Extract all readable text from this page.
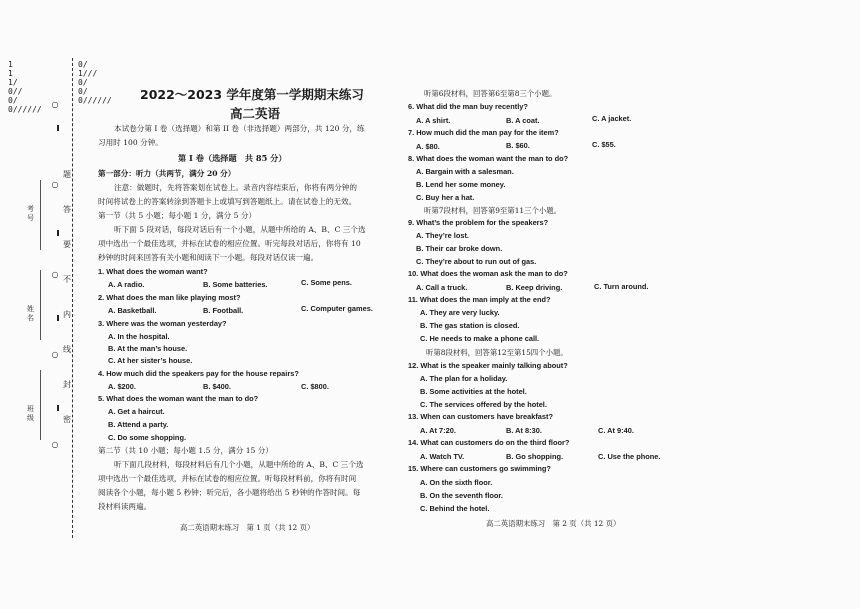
111/0//0/0//////
考号
姓名
班级
○
○
○
○
○
题
答
要
不
内
线
封
密
0/1///0/0/0////// 2022～2023 学年度第一学期期末练习
高二英语
本试卷分第 I 卷（选择题）和第 II 卷（非选择题）两部分，共 120 分，练
习用时 100 分钟。
第 I 卷（选择题　共 85 分）
第一部分：听力（共两节，满分 20 分）
注意：做题时，先将答案划在试卷上。录音内容结束后，你将有两分钟的
时间将试卷上的答案转涂到答题卡上或填写到答题纸上。请在试卷上的无效。
第一节（共 5 小题；每小题 1 分，满分 5 分）
听下面 5 段对话，每段对话后有一个小题，从题中所给的 A、B、C 三个选
项中选出一个最佳选项，并标在试卷的相应位置。听完每段对话后，你将有 10
秒钟的时间来回答有关小题和阅读下一小题。每段对话仅读一遍。
1. What does the woman want?
A. A radio.	B. Some batteries.	C. Some pens.
2. What does the man like playing most?
A. Basketball.	B. Football.	C. Computer games.
3. Where was the woman yesterday?
A. In the hospital.
B. At the man’s house.
C. At her sister’s house.
4. How much did the speakers pay for the house repairs?
A. $200.	B. $400.	C. $800.
5. What does the woman want the man to do?
A. Get a haircut.
B. Attend a party.
C. Do some shopping.
第二节（共 10 小题；每小题 1.5 分，满分 15 分）
听下面几段材料，每段材料后有几个小题，从题中所给的 A、B、C 三个选
项中选出一个最佳选项，并标在试卷的相应位置。听每段材料前，你将有时间
阅读各个小题，每小题 5 秒钟；听完后，各小题将给出 5 秒钟的作答时间。每
段材料读两遍。
高二英语期末练习　第 1 页（共 12 页）
听第6段材料，回答第6至第8三个小题。
6. What did the man buy recently?
A. A shirt.	B. A coat.	C. A jacket.
7. How much did the man pay for the item?
A. $80.	B. $60.	C. $55.
8. What does the woman want the man to do?
A. Bargain with a salesman.
B. Lend her some money.
C. Buy her a hat.
听第7段材料，回答第9至第11三个小题。
9. What’s the problem for the speakers?
A. They’re lost.
B. Their car broke down.
C. They’re about to run out of gas.
10. What does the woman ask the man to do?
A. Call a truck.	B. Keep driving.	C. Turn around.
11. What does the man imply at the end?
A. They are very lucky.
B. The gas station is closed.
C. He needs to make a phone call.
听第8段材料，回答第12至第15四个小题。
12. What is the speaker mainly talking about?
A. The plan for a holiday.
B. Some activities at the hotel.
C. The services offered by the hotel.
13. When can customers have breakfast?
A. At 7:20.	B. At 8:30.	C. At 9:40.
14. What can customers do on the third floor?
A. Watch TV.	B. Go shopping.	C. Use the phone.
15. Where can customers go swimming?
A. On the sixth floor.
B. On the seventh floor.
C. Behind the hotel.
高二英语期末练习　第 2 页（共 12 页）
